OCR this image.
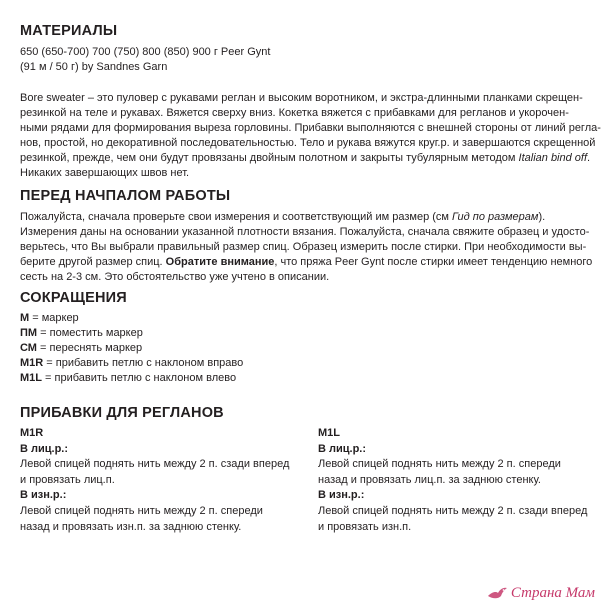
МАТЕРИАЛЫ

650 (650-700) 700 (750) 800 (850) 900 г Peer Gynt

(91 м / 50 г) by Sandnes Garn

Bore sweater – это пуловер с рукавами реглан и высоким воротником, и экстра-длинными планками скрещен-

резинкой на теле и рукавах. Вяжется сверху вниз. Кокетка вяжется с прибавками для регланов и укорочен-

ными рядами для формирования выреза горловины. Прибавки выполняются с внешней стороны от линий регла-

нов, простой, но декоративной последовательностью. Тело и рукава вяжутся круг.р. и завершаются скрещенной

резинкой, прежде, чем они будут провязаны двойным полотном и закрыты тубулярным методом Italian bind off.

Никаких завершающих швов нет.

ПЕРЕД НАЧПАЛОМ РАБОТЫ

Пожалуйста, сначала проверьте свои измерения и соответствующий им размер (см Гид по размерам).

Измерения даны на основании указанной плотности вязания. Пожалуйста, сначала свяжите образец и удосто-

верьтесь, что Вы выбрали правильный размер спиц. Образец измерить после стирки. При необходимости вы-

берите другой размер спиц. Обратите внимание, что пряжа Peer Gynt после стирки имеет тенденцию немного

сесть на 2-3 см. Это обстоятельство уже учтено в описании.

СОКРАЩЕНИЯ

М = маркер

ПМ = поместить маркер

СМ = переснять маркер

M1R = прибавить петлю с наклоном вправо

M1L = прибавить петлю с наклоном влево

ПРИБАВКИ ДЛЯ РЕГЛАНОВ

M1R

В лиц.р.:

Левой спицей поднять нить между 2 п. сзади вперед

и провязать лиц.п.

В изн.р.:

Левой спицей поднять нить между 2 п. спереди

назад и провязать изн.п. за заднюю стенку.

M1L

В лиц.р.:

Левой спицей поднять нить между 2 п. спереди

назад и провязать лиц.п. за заднюю стенку.

В изн.р.:

Левой спицей поднять нить между 2 п. сзади вперед

и провязать изн.п.

Страна Мам
